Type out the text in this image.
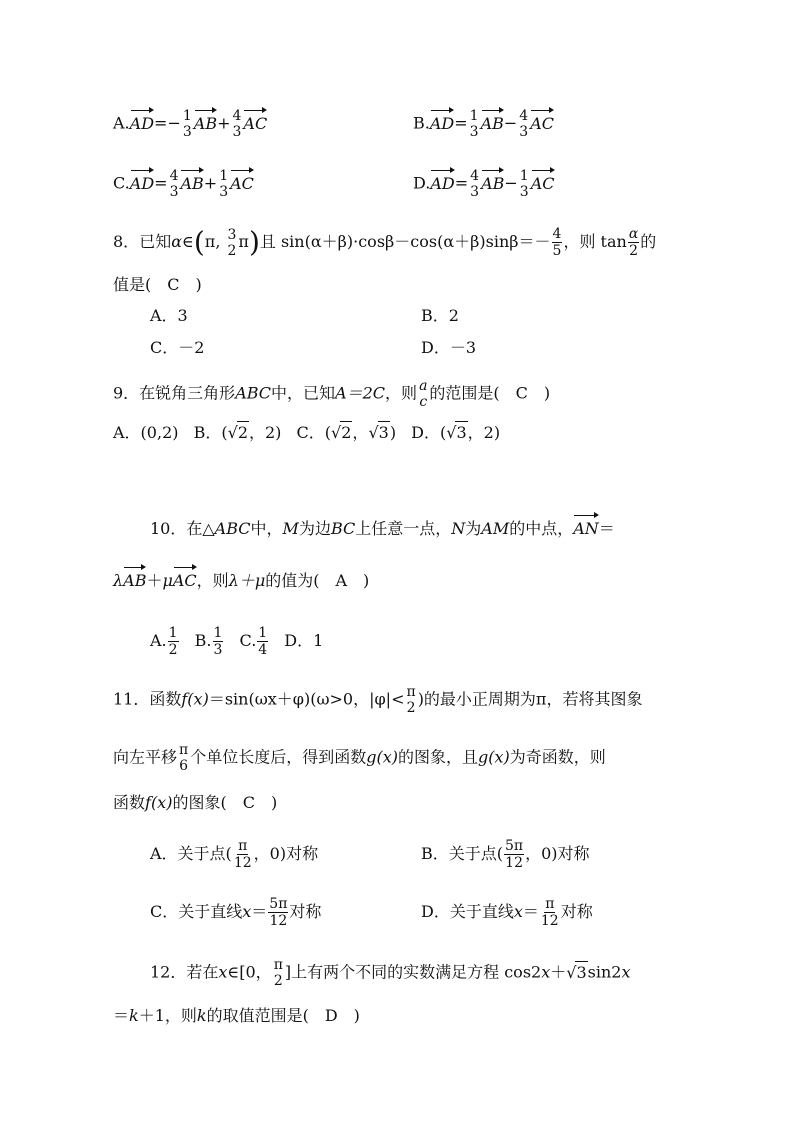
A.AD=− 1
3 AB+ 4
3 AC	B.AD= 1
3 AB− 4
3 AC
C.AD= 4
3 AB+ 1
3 AC	D.AD= 4
3 AB− 1
3 AC
8．已知α∈(π, 3
2 π)且 $\sin(\alpha+\beta)\cdot\cos\beta-\cos(\alpha+\beta)\sin\beta=- \frac{4}{5}$ ，则 $\tan \frac{\alpha}{2}$ 的
值是(　C　)
A．3	B．2
C．－2	D．－3
9．在锐角三角形ABC中，已知A＝2C，则 a
c 的范围是(　C　)
A．(0,2) B．(√2，2) C．(√2，√3) D．(√3，2)
10．在△ABC中，M为边BC上任意一点，N为AM的中点，AN＝
λAB＋μAC，则λ＋μ的值为(　A　)
A. $\frac{1}{2} B$. $\frac{1}{3} C$. $\frac{1}{4}$ D．1
11．函数f(x)＝sin(ωx＋φ)(ω>0，|φ|< π
2 )的最小正周期为π，若将其图象
向左平移 π
6 个单位长度后，得到函数g(x)的图象，且g(x)为奇函数，则
函数f(x)的图象(　C　)
A．关于点( $\frac{\pi}{12}$ ，0)对称	B．关于点( $\frac{5\pi}{12}$ ，0)对称
C．关于直线$x= \frac{5\pi}{12}$ 对称	D．关于直线$x= \frac{\pi}{12}$ 对称
12．若在x∈[0， π
2 ]上有两个不同的实数满足方程 cos2x＋√3sin2x
＝k＋1，则k的取值范围是(　D　)
